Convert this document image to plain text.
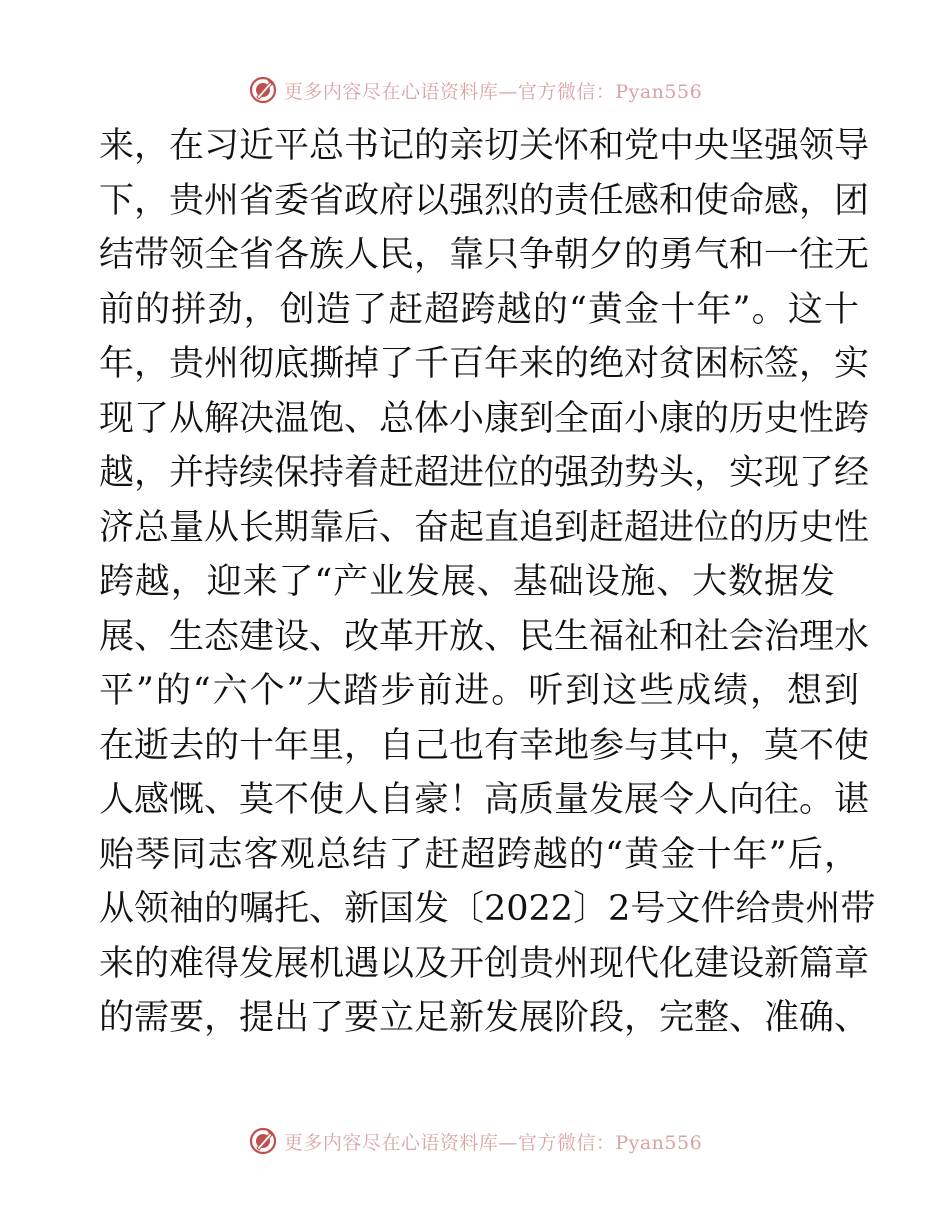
更多内容尽在心语资料库—官方微信：Pyan556
来，在习近平总书记的亲切关怀和党中央坚强领导
下，贵州省委省政府以强烈的责任感和使命感，团
结带领全省各族人民，靠只争朝夕的勇气和一往无
前的拼劲，创造了赶超跨越的“黄金十年”。这十
年，贵州彻底撕掉了千百年来的绝对贫困标签，实
现了从解决温饱、总体小康到全面小康的历史性跨
越，并持续保持着赶超进位的强劲势头，实现了经
济总量从长期靠后、奋起直追到赶超进位的历史性
跨越，迎来了“产业发展、基础设施、大数据发
展、生态建设、改革开放、民生福祉和社会治理水
平”的“六个”大踏步前进。听到这些成绩，想到
在逝去的十年里，自己也有幸地参与其中，莫不使
人感慨、莫不使人自豪！高质量发展令人向往。谌
贻琴同志客观总结了赶超跨越的“黄金十年”后，
从领袖的嘱托、新国发〔2022〕2号文件给贵州带
来的难得发展机遇以及开创贵州现代化建设新篇章
的需要，提出了要立足新发展阶段，完整、准确、
更多内容尽在心语资料库—官方微信：Pyan556
